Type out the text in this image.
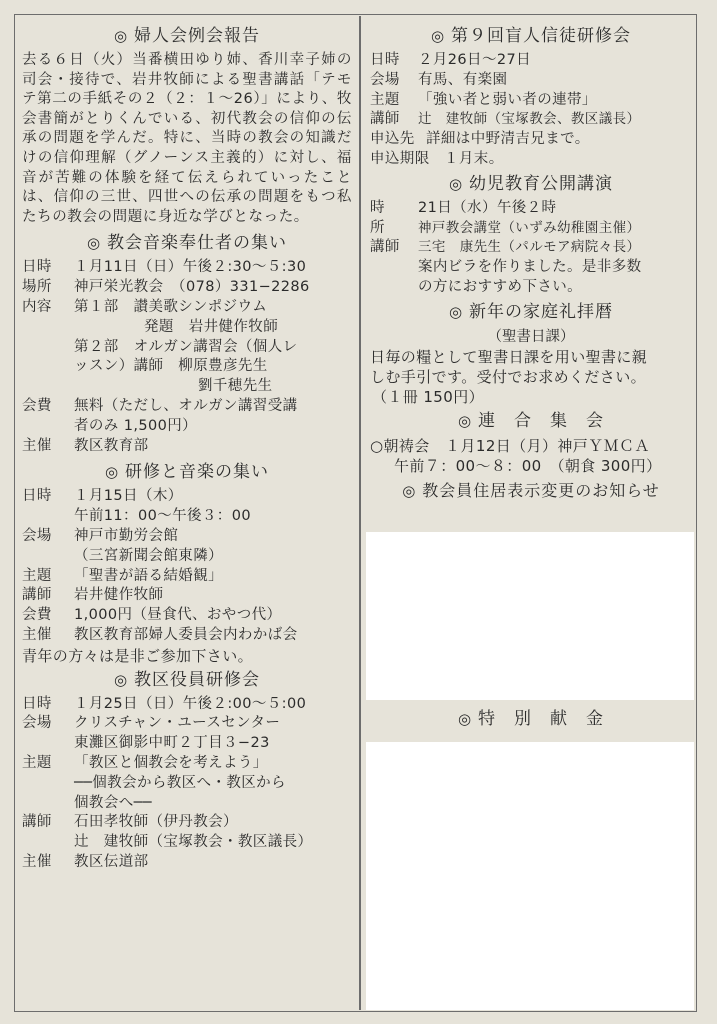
◎ 婦人会例会報告

去る６日（火）当番横田ゆり姉、香川幸子姉の司会・接待で、岩井牧師による聖書講話「テモテ第二の手紙その２（２：１〜26）」により、牧会書簡がとりくんでいる、初代教会の信仰の伝承の問題を学んだ。特に、当時の教会の知識だけの信仰理解（グノーンス主義的）に対し、福音が苦難の体験を経て伝えられていったことは、信仰の三世、四世への伝承の問題をもつ私たちの教会の問題に身近な学びとなった。

◎ 教会音楽奉仕者の集い
日時	１月11日（日）午後２:30〜５:30
場所	神戸栄光教会　（078）331−2286
内容	第１部　讃美歌シンポジウム
発題　岩井健作牧師
第２部　オルガン講習会（個人レ
ッスン）講師　柳原豊彦先生
劉千穂先生
会費	無料（ただし、オルガン講習受講
者のみ 1,500円）
主催	教区教育部
◎ 研修と音楽の集い
日時	１月15日（木）
午前11：00〜午後３：00
会場	神戸市勤労会館
（三宮新聞会館東隣）
主題	「聖書が語る結婚観」
講師	岩井健作牧師
会費	1,000円（昼食代、おやつ代）
主催	教区教育部婦人委員会内わかば会
青年の方々は是非ご参加下さい。
◎ 教区役員研修会
日時	１月25日（日）午後２:00〜５:00
会場	クリスチャン・ユースセンター
東灘区御影中町２丁目３−23
主題	「教区と個教会を考えよう」
──個教会から教区へ・教区から
個教会へ──
講師	石田孝牧師（伊丹教会）
辻　建牧師（宝塚教会・教区議長）
主催	教区伝道部
◎ 第９回盲人信徒研修会
日時	２月26日〜27日
会場	有馬、有楽園
主題	「強い者と弱い者の連帯」
講師	辻　建牧師（宝塚教会、教区議長）
申込先 詳細は中野清吉兄まで。
申込期限 １月末。
◎ 幼児教育公開講演
時	21日（水）午後２時
所	神戸教会講堂（いずみ幼稚園主催）
講師	三宅　康先生（パルモア病院々長）
案内ビラを作りました。是非多数
の方におすすめ下さい。
◎ 新年の家庭礼拝暦
（聖書日課）
日毎の糧として聖書日課を用い聖書に親
しむ手引です。受付でお求めください。
（１冊 150円）
◎ 連　合　集　会
○朝祷会　１月12日（月）神戸ＹＭＣＡ
午前７：00〜８：00　（朝食 300円）
◎ 教会員住居表示変更のお知らせ
◎ 特　別　献　金
